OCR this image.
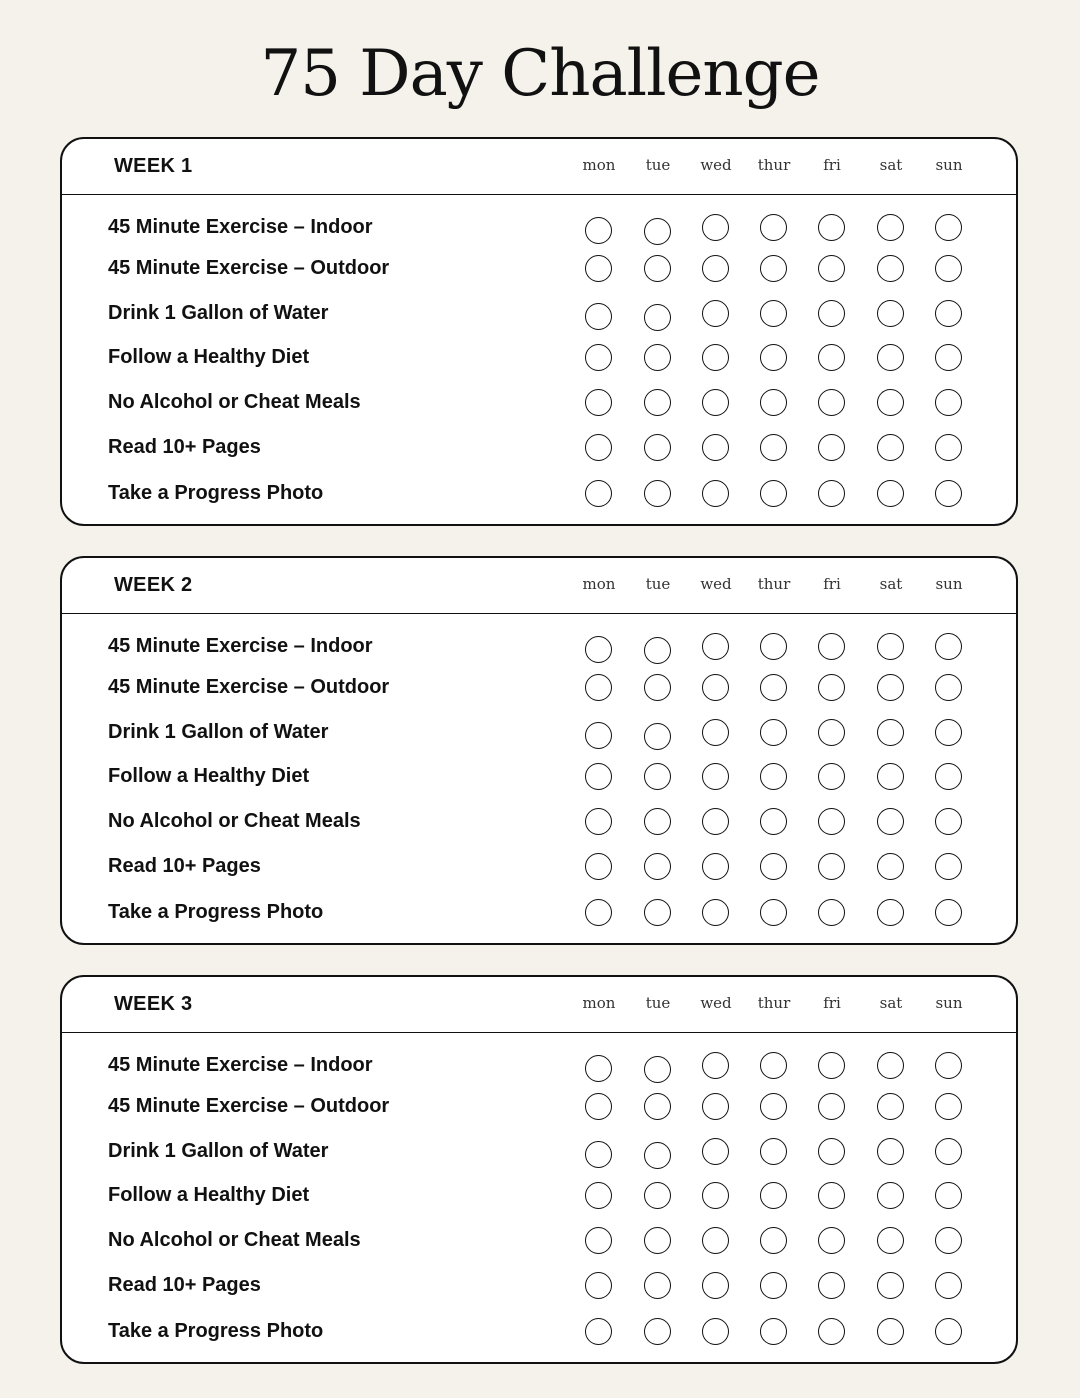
75 Day Challenge
WEEK 1	mon	tue	wed	thur	fri	sat	sun
45 Minute Exercise – Indoor
45 Minute Exercise – Outdoor
Drink 1 Gallon of Water
Follow a Healthy Diet
No Alcohol or Cheat Meals
Read 10+ Pages
Take a Progress Photo
WEEK 2	mon	tue	wed	thur	fri	sat	sun
45 Minute Exercise – Indoor
45 Minute Exercise – Outdoor
Drink 1 Gallon of Water
Follow a Healthy Diet
No Alcohol or Cheat Meals
Read 10+ Pages
Take a Progress Photo
WEEK 3	mon	tue	wed	thur	fri	sat	sun
45 Minute Exercise – Indoor
45 Minute Exercise – Outdoor
Drink 1 Gallon of Water
Follow a Healthy Diet
No Alcohol or Cheat Meals
Read 10+ Pages
Take a Progress Photo
